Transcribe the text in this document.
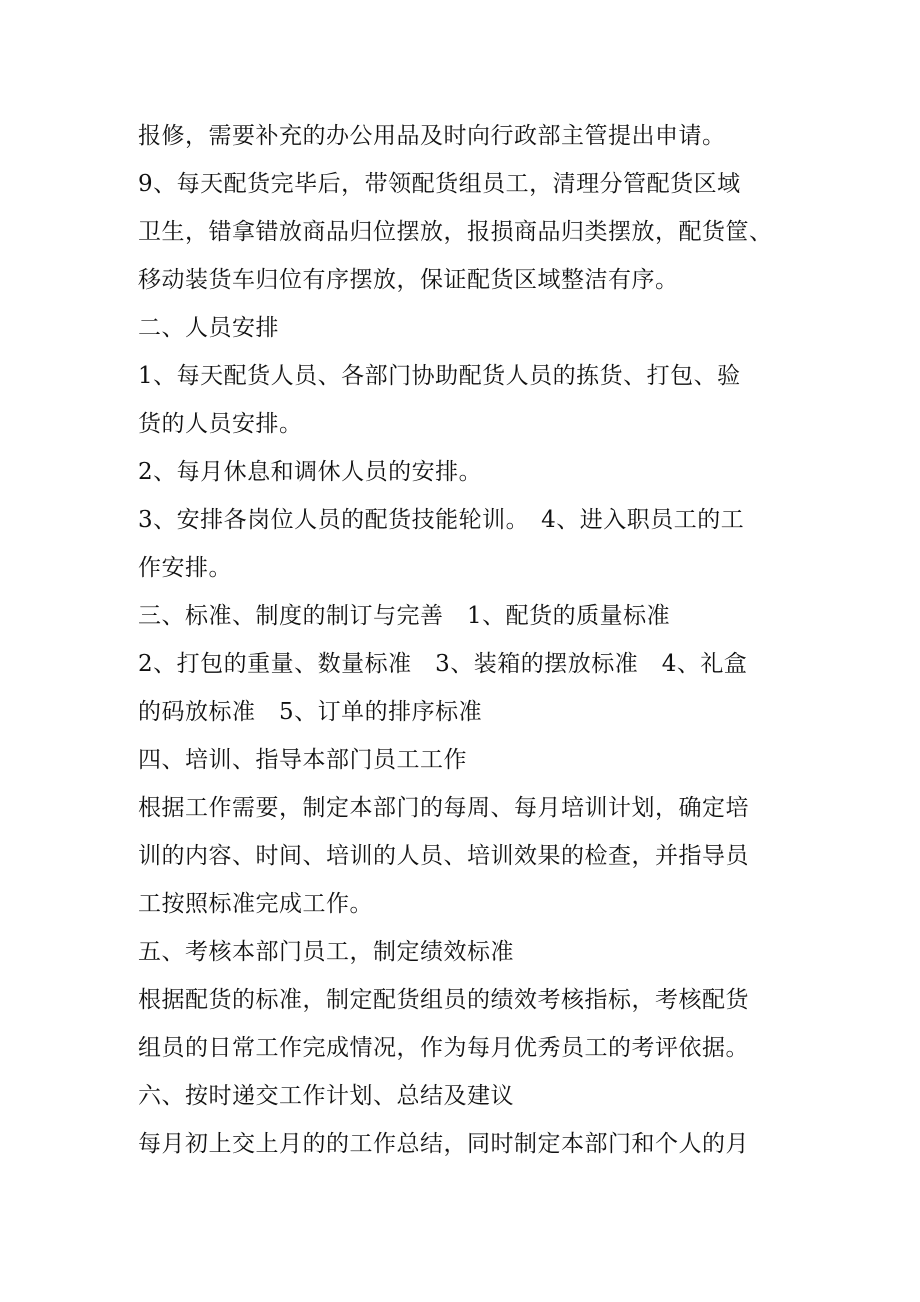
报修，需要补充的办公用品及时向行政部主管提出申请。
9、每天配货完毕后，带领配货组员工，清理分管配货区域
卫生，错拿错放商品归位摆放，报损商品归类摆放，配货筐、
移动装货车归位有序摆放，保证配货区域整洁有序。
二、人员安排
1、每天配货人员、各部门协助配货人员的拣货、打包、验
货的人员安排。
2、每月休息和调休人员的安排。
3、安排各岗位人员的配货技能轮训。　4、进入职员工的工
作安排。
三、标准、制度的制订与完善　1、配货的质量标准
2、打包的重量、数量标准　3、装箱的摆放标准　4、礼盒
的码放标准　5、订单的排序标准
四、培训、指导本部门员工工作
根据工作需要，制定本部门的每周、每月培训计划，确定培
训的内容、时间、培训的人员、培训效果的检查，并指导员
工按照标准完成工作。
五、考核本部门员工，制定绩效标准
根据配货的标准，制定配货组员的绩效考核指标，考核配货
组员的日常工作完成情况，作为每月优秀员工的考评依据。
六、按时递交工作计划、总结及建议
每月初上交上月的的工作总结，同时制定本部门和个人的月
